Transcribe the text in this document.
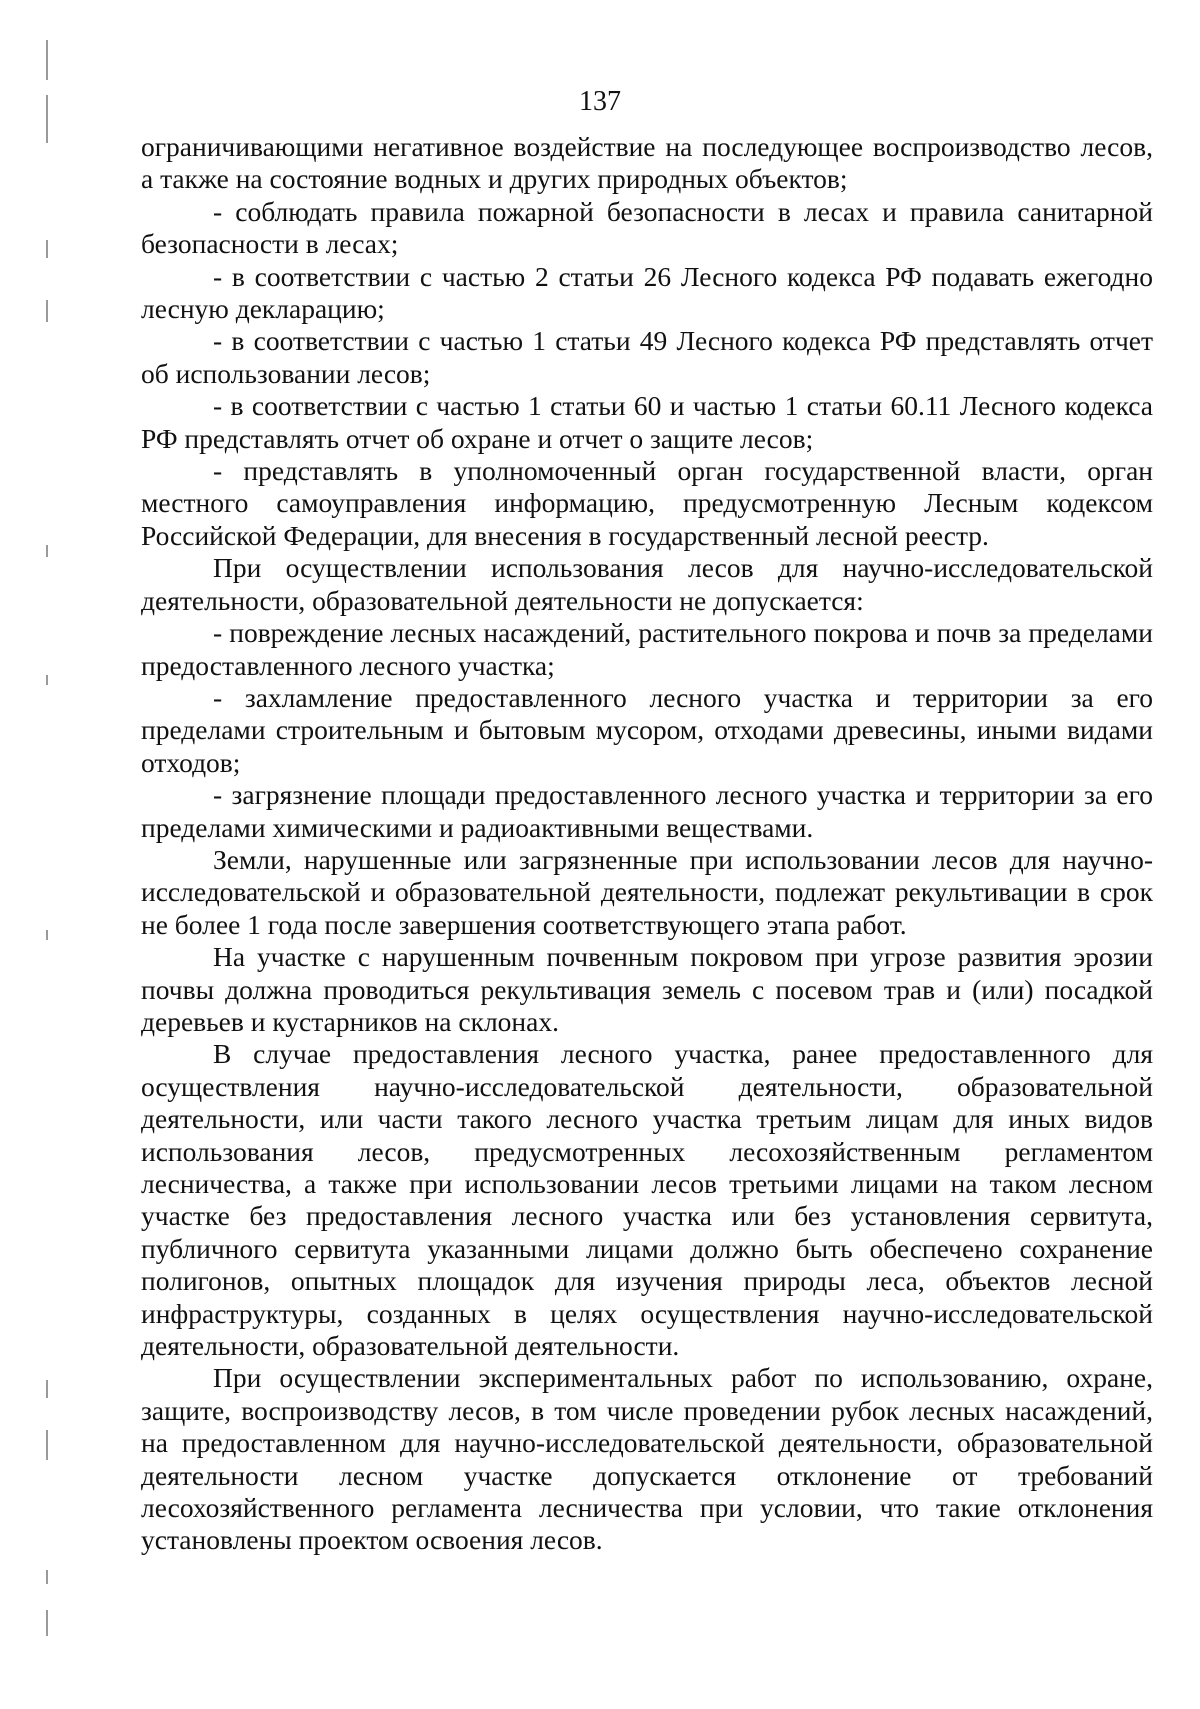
137

ограничивающими негативное воздействие на последующее воспроизводство лесов, а также на состояние водных и других природных объектов;

- соблюдать правила пожарной безопасности в лесах и правила санитарной безопасности в лесах;

- в соответствии с частью 2 статьи 26 Лесного кодекса РФ подавать ежегодно лесную декларацию;

- в соответствии с частью 1 статьи 49 Лесного кодекса РФ представлять отчет об использовании лесов;

- в соответствии с частью 1 статьи 60 и частью 1 статьи 60.11 Лесного кодекса РФ представлять отчет об охране и отчет о защите лесов;

- представлять в уполномоченный орган государственной власти, орган местного самоуправления информацию, предусмотренную Лесным кодексом Российской Федерации, для внесения в государственный лесной реестр.

При осуществлении использования лесов для научно-исследовательской деятельности, образовательной деятельности не допускается:

- повреждение лесных насаждений, растительного покрова и почв за пределами предоставленного лесного участка;

- захламление предоставленного лесного участка и территории за его пределами строительным и бытовым мусором, отходами древесины, иными видами отходов;

- загрязнение площади предоставленного лесного участка и территории за его пределами химическими и радиоактивными веществами.

Земли, нарушенные или загрязненные при использовании лесов для научно-исследовательской и образовательной деятельности, подлежат рекультивации в срок не более 1 года после завершения соответствующего этапа работ.

На участке с нарушенным почвенным покровом при угрозе развития эрозии почвы должна проводиться рекультивация земель с посевом трав и (или) посадкой деревьев и кустарников на склонах.

В случае предоставления лесного участка, ранее предоставленного для осуществления научно-исследовательской деятельности, образовательной деятельности, или части такого лесного участка третьим лицам для иных видов использования лесов, предусмотренных лесохозяйственным регламентом лесничества, а также при использовании лесов третьими лицами на таком лесном участке без предоставления лесного участка или без установления сервитута, публичного сервитута указанными лицами должно быть обеспечено сохранение полигонов, опытных площадок для изучения природы леса, объектов лесной инфраструктуры, созданных в целях осуществления научно-исследовательской деятельности, образовательной деятельности.

При осуществлении экспериментальных работ по использованию, охране, защите, воспроизводству лесов, в том числе проведении рубок лесных насаждений, на предоставленном для научно-исследовательской деятельности, образовательной деятельности лесном участке допускается отклонение от требований лесохозяйственного регламента лесничества при условии, что такие отклонения установлены проектом освоения лесов.
